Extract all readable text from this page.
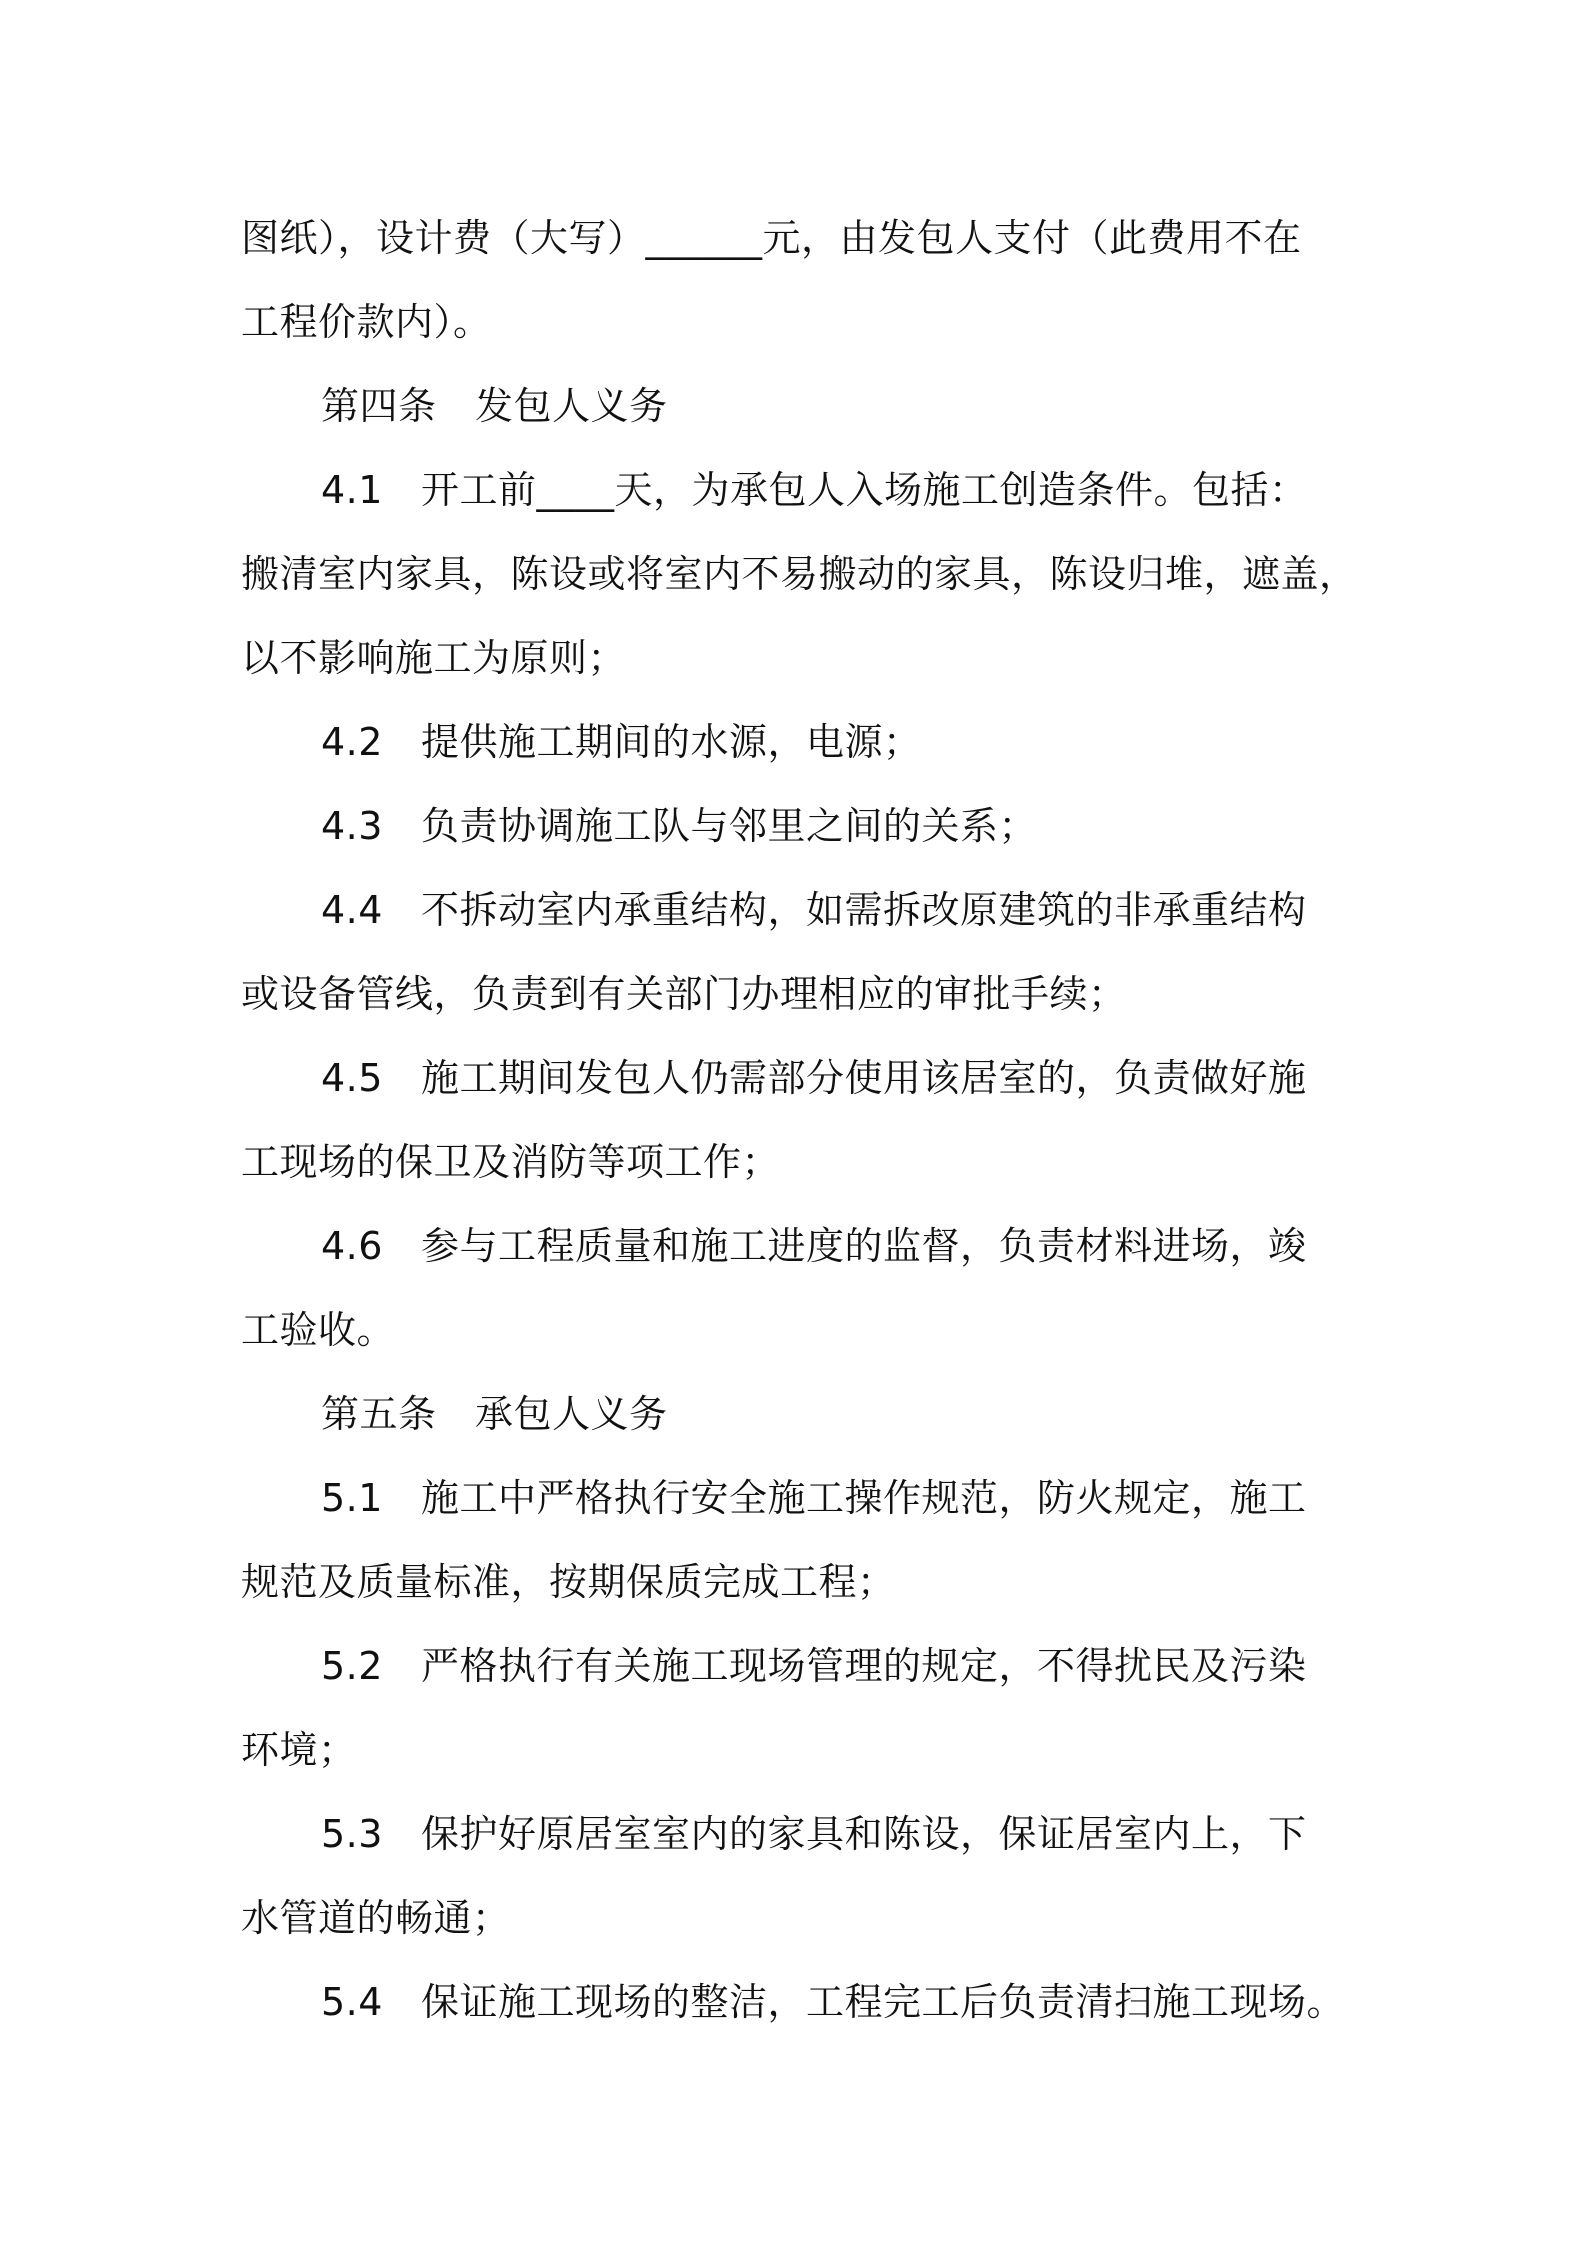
图纸），设计费（大写）______元，由发包人支付（此费用不在
工程价款内）。
第四条　发包人义务
4.1 开工前____天，为承包人入场施工创造条件。包括：
搬清室内家具，陈设或将室内不易搬动的家具，陈设归堆，遮盖，
以不影响施工为原则；
4.2 提供施工期间的水源，电源；
4.3 负责协调施工队与邻里之间的关系；
4.4 不拆动室内承重结构，如需拆改原建筑的非承重结构
或设备管线，负责到有关部门办理相应的审批手续；
4.5 施工期间发包人仍需部分使用该居室的，负责做好施
工现场的保卫及消防等项工作；
4.6 参与工程质量和施工进度的监督，负责材料进场，竣
工验收。
第五条　承包人义务
5.1 施工中严格执行安全施工操作规范，防火规定，施工
规范及质量标准，按期保质完成工程；
5.2 严格执行有关施工现场管理的规定，不得扰民及污染
环境；
5.3 保护好原居室室内的家具和陈设，保证居室内上，下
水管道的畅通；
5.4 保证施工现场的整洁，工程完工后负责清扫施工现场。
